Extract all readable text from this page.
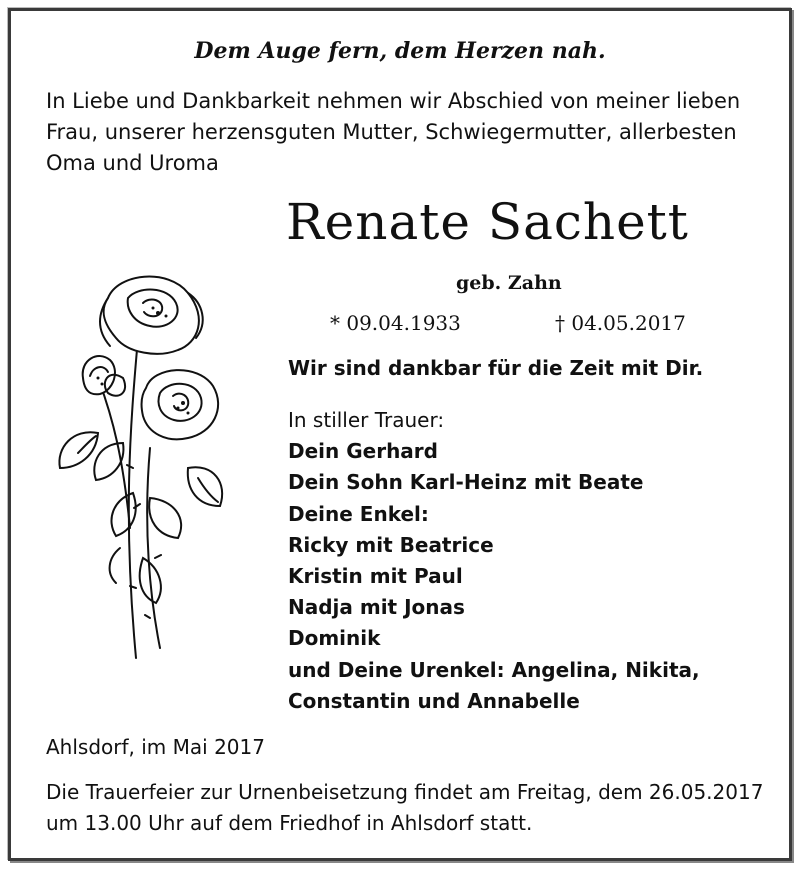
Dem Auge fern, dem Herzen nah.
In Liebe und Dankbarkeit nehmen wir Abschied von meiner lieben Frau, unserer herzensguten Mutter, Schwiegermutter, allerbesten Oma und Uroma
Renate Sachett
geb. Zahn
* 09.04.1933	† 04.05.2017
Wir sind dankbar für die Zeit mit Dir.
In stiller Trauer:
Dein Gerhard
Dein Sohn Karl-Heinz mit Beate
Deine Enkel:
Ricky mit Beatrice
Kristin mit Paul
Nadja mit Jonas
Dominik
und Deine Urenkel: Angelina, Nikita,
Constantin und Annabelle
Ahlsdorf, im Mai 2017
Die Trauerfeier zur Urnenbeisetzung findet am Freitag, dem 26.05.2017 um 13.00 Uhr auf dem Friedhof in Ahlsdorf statt.
